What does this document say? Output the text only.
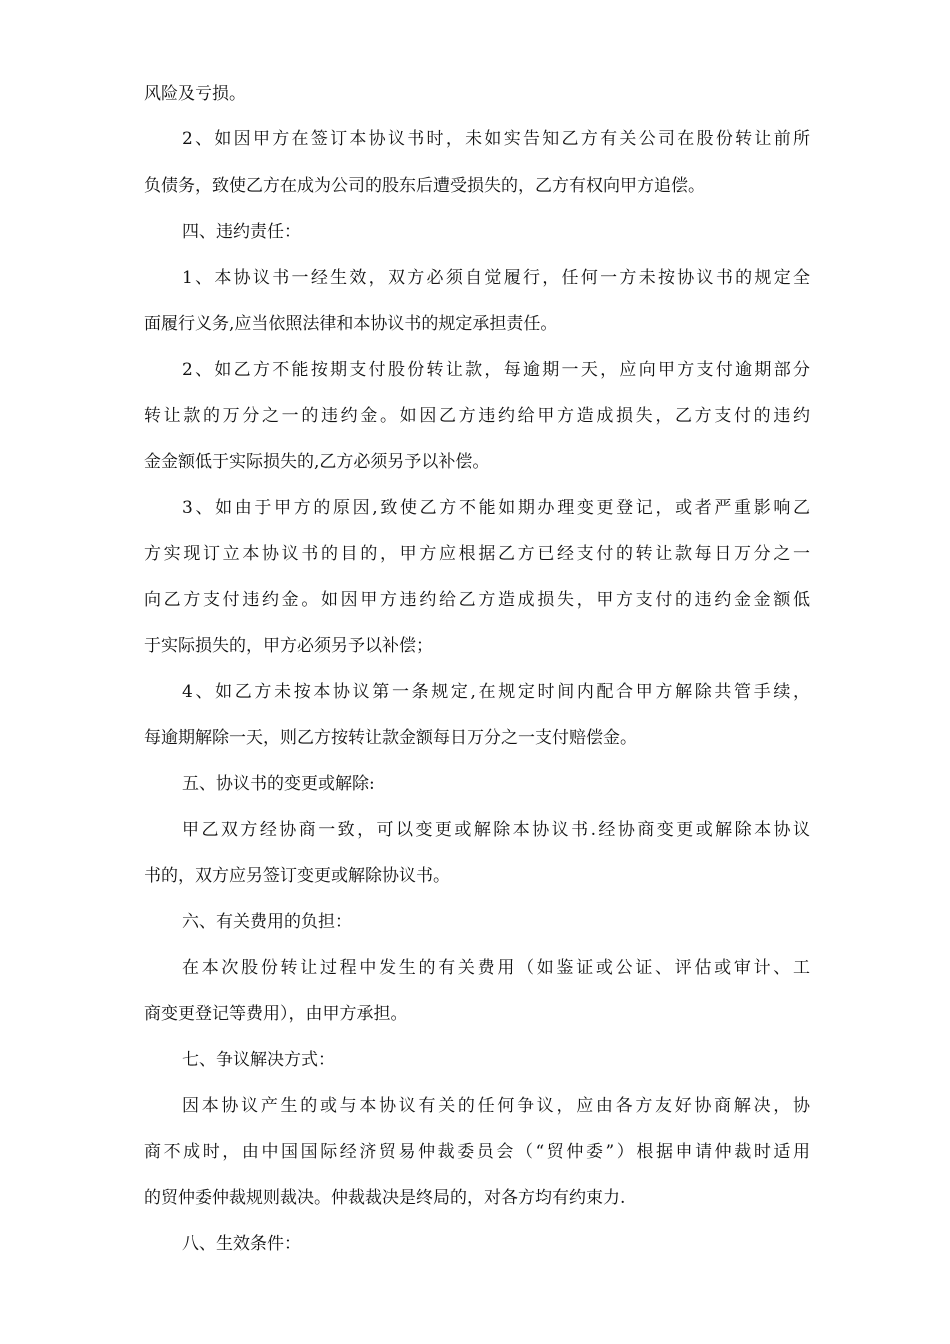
风险及亏损。
2、如因甲方在签订本协议书时，未如实告知乙方有关公司在股份转让前所
负债务，致使乙方在成为公司的股东后遭受损失的，乙方有权向甲方追偿。
四、违约责任：
1、本协议书一经生效，双方必须自觉履行，任何一方未按协议书的规定全
面履行义务,应当依照法律和本协议书的规定承担责任。
2、如乙方不能按期支付股份转让款，每逾期一天，应向甲方支付逾期部分
转让款的万分之一的违约金。如因乙方违约给甲方造成损失，乙方支付的违约
金金额低于实际损失的,乙方必须另予以补偿。
3、如由于甲方的原因,致使乙方不能如期办理变更登记，或者严重影响乙
方实现订立本协议书的目的，甲方应根据乙方已经支付的转让款每日万分之一
向乙方支付违约金。如因甲方违约给乙方造成损失，甲方支付的违约金金额低
于实际损失的，甲方必须另予以补偿；
4、如乙方未按本协议第一条规定,在规定时间内配合甲方解除共管手续，
每逾期解除一天，则乙方按转让款金额每日万分之一支付赔偿金。
五、协议书的变更或解除:
甲乙双方经协商一致，可以变更或解除本协议书.经协商变更或解除本协议
书的，双方应另签订变更或解除协议书。
六、有关费用的负担：
在本次股份转让过程中发生的有关费用（如鉴证或公证、评估或审计、工
商变更登记等费用），由甲方承担。
七、争议解决方式：
因本协议产生的或与本协议有关的任何争议，应由各方友好协商解决，协
商不成时，由中国国际经济贸易仲裁委员会（“贸仲委”）根据申请仲裁时适用
的贸仲委仲裁规则裁决。仲裁裁决是终局的，对各方均有约束力.
八、生效条件：
